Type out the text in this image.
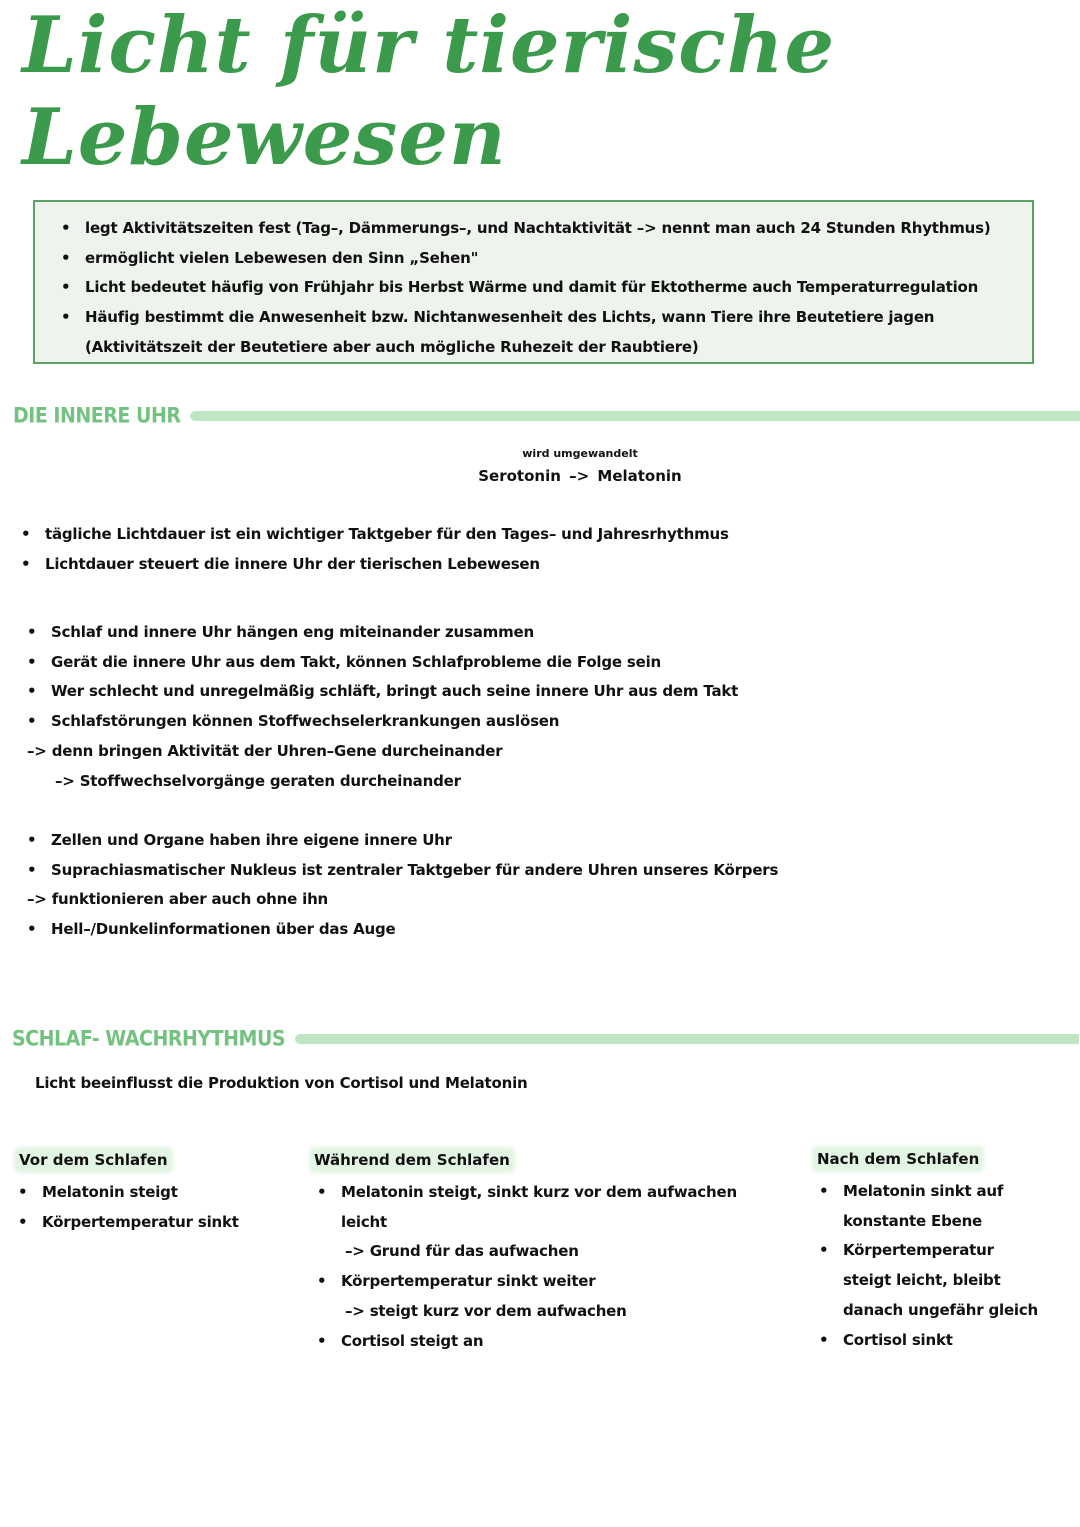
Licht für tierische
Lebewesen
• legt Aktivitätszeiten fest (Tag–, Dämmerungs–, und Nachtaktivität –> nennt man auch 24 Stunden Rhythmus)
• ermöglicht vielen Lebewesen den Sinn „Sehen"
• Licht bedeutet häufig von Frühjahr bis Herbst Wärme und damit für Ektotherme auch Temperaturregulation
• Häufig bestimmt die Anwesenheit bzw. Nichtanwesenheit des Lichts, wann Tiere ihre Beutetiere jagen (Aktivitätszeit der Beutetiere aber auch mögliche Ruhezeit der Raubtiere)
DIE INNERE UHR
wird umgewandelt
Serotonin –> Melatonin
• tägliche Lichtdauer ist ein wichtiger Taktgeber für den Tages– und Jahresrhythmus
• Lichtdauer steuert die innere Uhr der tierischen Lebewesen
• Schlaf und innere Uhr hängen eng miteinander zusammen
• Gerät die innere Uhr aus dem Takt, können Schlafprobleme die Folge sein
• Wer schlecht und unregelmäßig schläft, bringt auch seine innere Uhr aus dem Takt
• Schlafstörungen können Stoffwechselerkrankungen auslösen
–> denn bringen Aktivität der Uhren–Gene durcheinander
–> Stoffwechselvorgänge geraten durcheinander
• Zellen und Organe haben ihre eigene innere Uhr
• Suprachiasmatischer Nukleus ist zentraler Taktgeber für andere Uhren unseres Körpers
–> funktionieren aber auch ohne ihn
• Hell–/Dunkelinformationen über das Auge
SCHLAF- WACHRHYTHMUS
Licht beeinflusst die Produktion von Cortisol und Melatonin
Vor dem Schlafen
• Melatonin steigt
• Körpertemperatur sinkt
Während dem Schlafen
• Melatonin steigt, sinkt kurz vor dem aufwachen leicht
–> Grund für das aufwachen
• Körpertemperatur sinkt weiter
–> steigt kurz vor dem aufwachen
• Cortisol steigt an
Nach dem Schlafen
• Melatonin sinkt auf konstante Ebene
• Körpertemperatur steigt leicht, bleibt danach ungefähr gleich
• Cortisol sinkt
